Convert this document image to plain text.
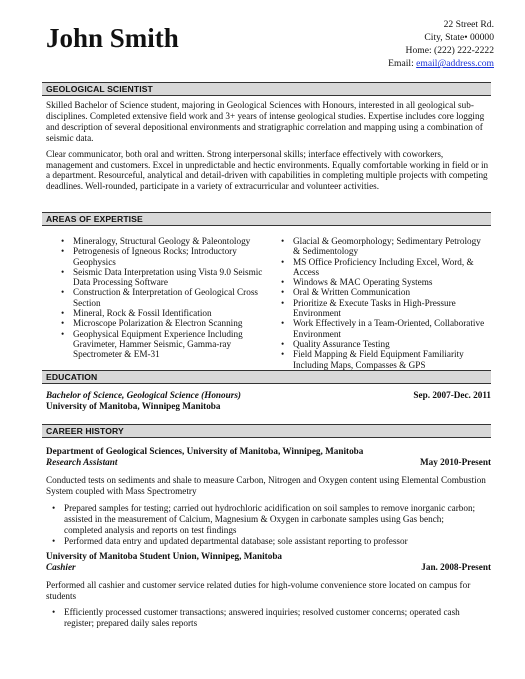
John Smith	22 Street Rd.
City, State• 00000
Home: (222) 222-2222
Email: email@address.com
GEOLOGICAL SCIENTIST

Skilled Bachelor of Science student, majoring in Geological Sciences with Honours, interested in all geological sub-disciplines. Completed extensive field work and 3+ years of intense geological studies. Expertise includes core logging and description of several depositional environments and stratigraphic correlation and mapping using a combination of seismic data.

Clear communicator, both oral and written. Strong interpersonal skills; interface effectively with coworkers, management and customers. Excel in unpredictable and hectic environments. Equally comfortable working in field or in a department. Resourceful, analytical and detail-driven with capabilities in completing multiple projects with competing deadlines. Well-rounded, participate in a variety of extracurricular and volunteer activities.

AREAS OF EXPERTISE
• Mineralogy, Structural Geology & Paleontology
• Petrogenesis of Igneous Rocks; Introductory Geophysics
• Seismic Data Interpretation using Vista 9.0 Seismic Data Processing Software
• Construction & Interpretation of Geological Cross Section
• Mineral, Rock & Fossil Identification
• Microscope Polarization & Electron Scanning
• Geophysical Equipment Experience Including Gravimeter, Hammer Seismic, Gamma-ray Spectrometer & EM-31
• Glacial & Geomorphology; Sedimentary Petrology & Sedimentology
• MS Office Proficiency Including Excel, Word, & Access
• Windows & MAC Operating Systems
• Oral & Written Communication
• Prioritize & Execute Tasks in High-Pressure Environment
• Work Effectively in a Team-Oriented, Collaborative Environment
• Quality Assurance Testing
• Field Mapping & Field Equipment Familiarity Including Maps, Compasses & GPS
EDUCATION
Bachelor of Science, Geological Science (Honours)
University of Manitoba, Winnipeg Manitoba
Sep. 2007-Dec. 2011
CAREER HISTORY
Department of Geological Sciences, University of Manitoba, Winnipeg, Manitoba
Research Assistant	May 2010-Present
Conducted tests on sediments and shale to measure Carbon, Nitrogen and Oxygen content using Elemental Combustion System coupled with Mass Spectrometry
• Prepared samples for testing; carried out hydrochloric acidification on soil samples to remove inorganic carbon; assisted in the measurement of Calcium, Magnesium & Oxygen in carbonate samples using Gas bench; completed analysis and reports on test findings
• Performed data entry and updated departmental database; sole assistant reporting to professor
University of Manitoba Student Union, Winnipeg, Manitoba
Cashier	Jan. 2008-Present
Performed all cashier and customer service related duties for high-volume convenience store located on campus for students
• Efficiently processed customer transactions; answered inquiries; resolved customer concerns; operated cash register; prepared daily sales reports
